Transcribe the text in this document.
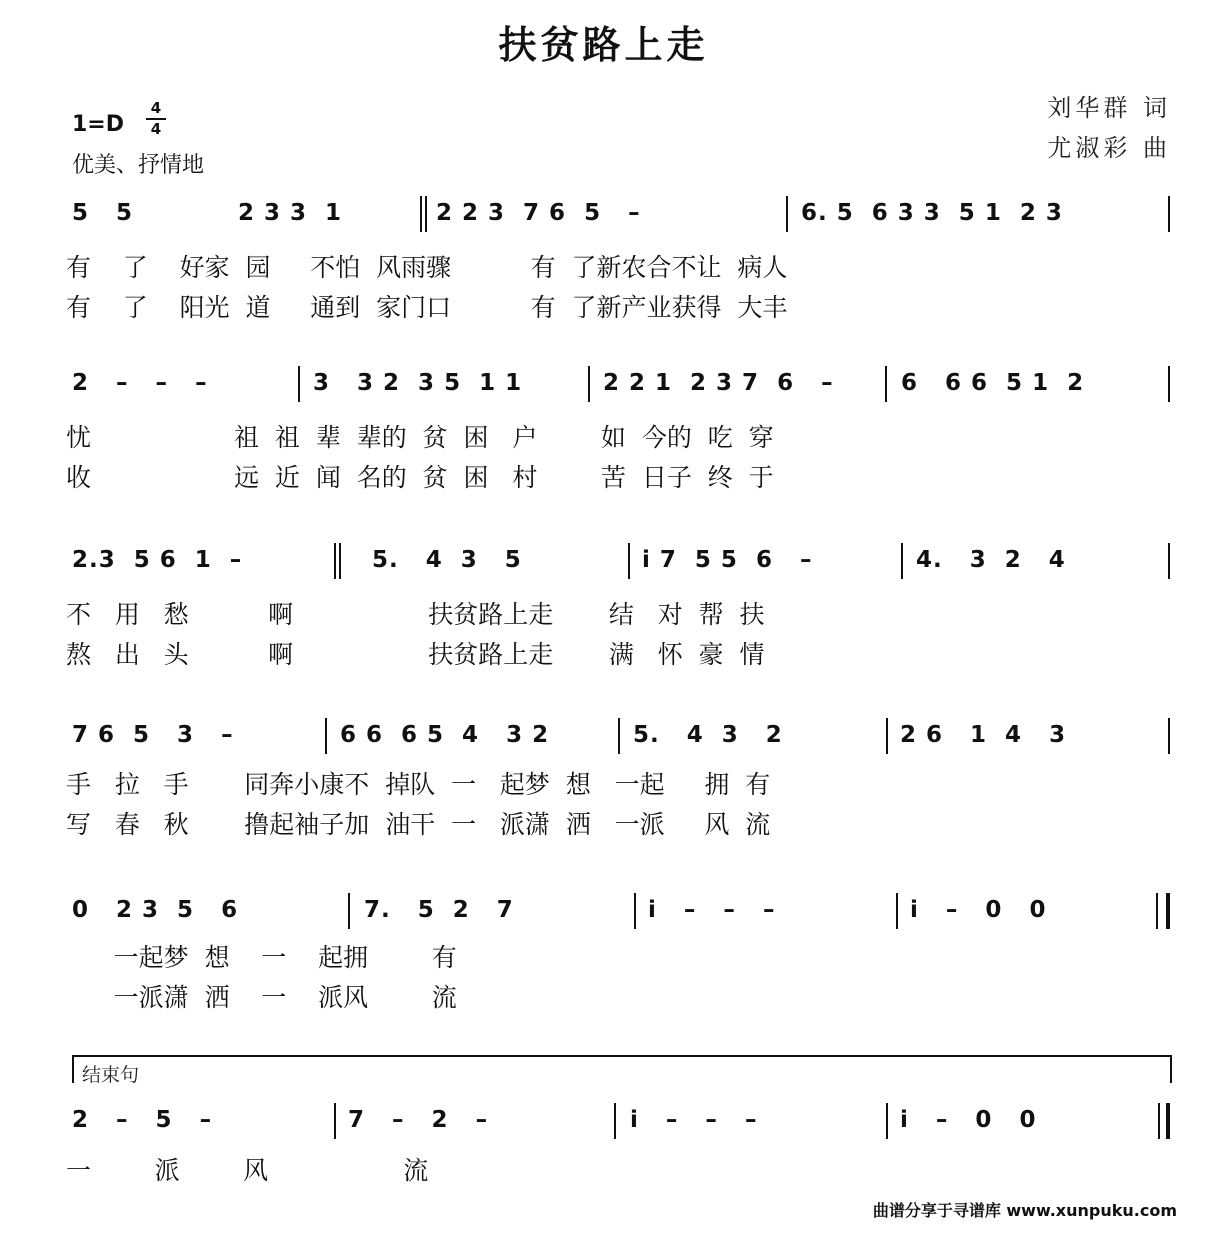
扶贫路上走
1=D
4
4
优美、抒情地
刘华群 词
尤淑彩 曲
5   5	2 3 3  1	2 2 3  7 6  5   –	6. 5  6 3 3  5 1  2 3
有    了    好家  园     不怕  风雨骤          有  了新农合不让  病人
有    了    阳光  道     通到  家门口          有  了新产业获得  大丰
2   –   –   –	3   3 2  3 5  1 1	2 2 1  2 3 7  6   –	6   6 6  5 1  2
忧                  祖  祖  辈  辈的  贫  困   户        如  今的  吃  穿
收                  远  近  闻  名的  贫  困   村        苦  日子  终  于
2.3  5 6  1  –	5.   4  3   5	i 7  5 5  6   –	4.   3  2   4
不   用   愁          啊                 扶贫路上走       结   对  帮  扶
熬   出   头          啊                 扶贫路上走       满   怀  豪  情
7 6  5   3   –	6 6  6 5  4   3 2	5.   4  3   2	2 6   1  4   3
手   拉   手       同奔小康不  掉队  一   起梦  想   一起     拥  有
写   春   秋       撸起袖子加  油干  一   派潇  洒   一派     风  流
0   2 3  5   6	7.   5  2   7	i   –   –   –	i   –   0   0
一起梦  想    一    起拥        有
一派潇  洒    一    派风        流
2   –   5   –	7   –   2   –	i   –   –   –	i   –   0   0
一        派        风                 流
结束句
曲谱分享于寻谱库 www.xunpuku.com
